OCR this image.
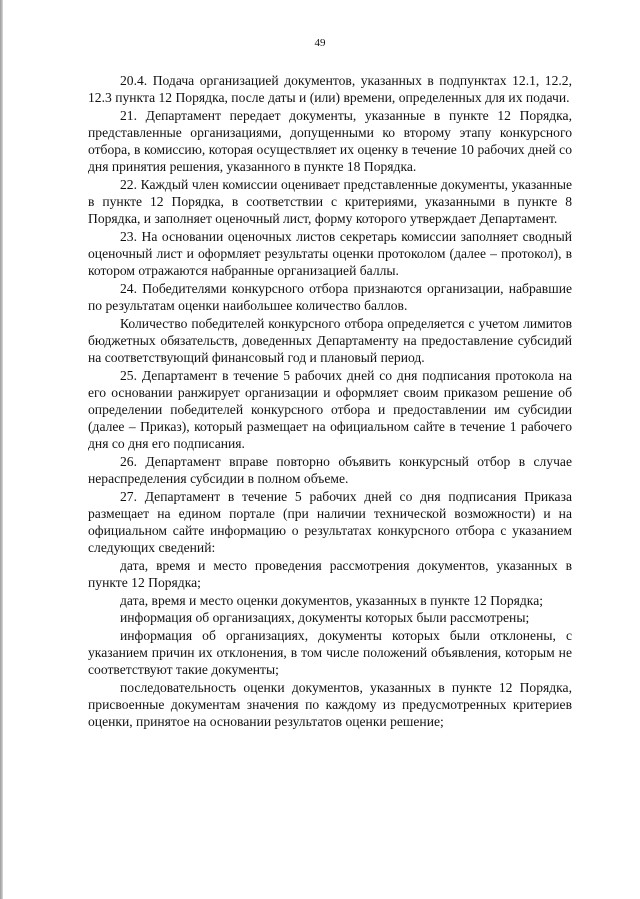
49

20.4. Подача организацией документов, указанных в подпунктах 12.1, 12.2, 12.3 пункта 12 Порядка, после даты и (или) времени, определенных для их подачи.

21. Департамент передает документы, указанные в пункте 12 Порядка, представленные организациями, допущенными ко второму этапу конкурсного отбора, в комиссию, которая осуществляет их оценку в течение 10 рабочих дней со дня принятия решения, указанного в пункте 18 Порядка.

22. Каждый член комиссии оценивает представленные документы, указанные в пункте 12 Порядка, в соответствии с критериями, указанными в пункте 8 Порядка, и заполняет оценочный лист, форму которого утверждает Департамент.

23. На основании оценочных листов секретарь комиссии заполняет сводный оценочный лист и оформляет результаты оценки протоколом (далее – протокол), в котором отражаются набранные организацией баллы.

24. Победителями конкурсного отбора признаются организации, набравшие по результатам оценки наибольшее количество баллов.

Количество победителей конкурсного отбора определяется с учетом лимитов бюджетных обязательств, доведенных Департаменту на предоставление субсидий на соответствующий финансовый год и плановый период.

25. Департамент в течение 5 рабочих дней со дня подписания протокола на его основании ранжирует организации и оформляет своим приказом решение об определении победителей конкурсного отбора и предоставлении им субсидии (далее – Приказ), который размещает на официальном сайте в течение 1 рабочего дня со дня его подписания.

26. Департамент вправе повторно объявить конкурсный отбор в случае нераспределения субсидии в полном объеме.

27. Департамент в течение 5 рабочих дней со дня подписания Приказа размещает на едином портале (при наличии технической возможности) и на официальном сайте информацию о результатах конкурсного отбора с указанием следующих сведений:

дата, время и место проведения рассмотрения документов, указанных в пункте 12 Порядка;

дата, время и место оценки документов, указанных в пункте 12 Порядка;

информация об организациях, документы которых были рассмотрены;

информация об организациях, документы которых были отклонены, с указанием причин их отклонения, в том числе положений объявления, которым не соответствуют такие документы;

последовательность оценки документов, указанных в пункте 12 Порядка, присвоенные документам значения по каждому из предусмотренных критериев оценки, принятое на основании результатов оценки решение;
